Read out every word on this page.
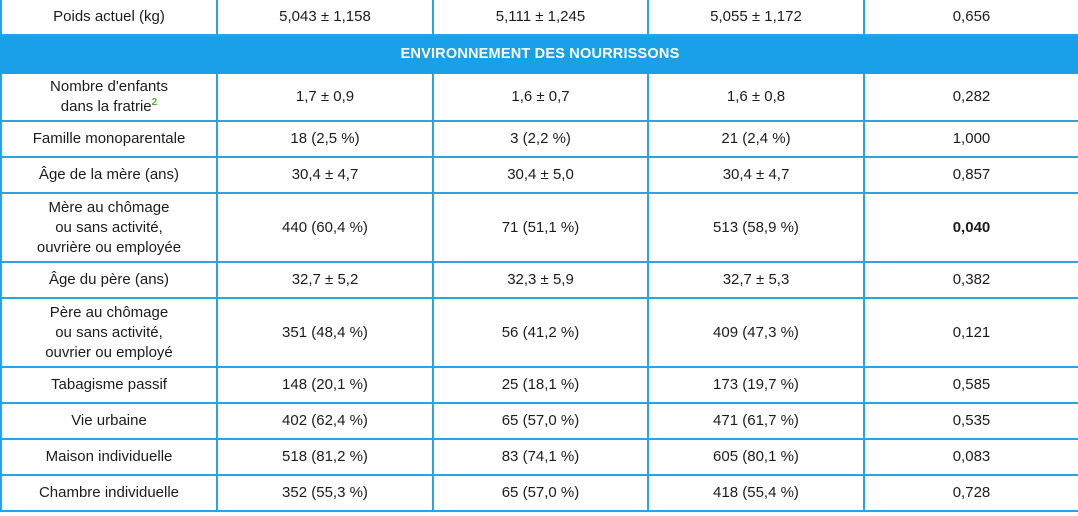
Poids actuel (kg)	5,043 ± 1,158	5,111 ± 1,245	5,055 ± 1,172	0,656
ENVIRONNEMENT DES NOURRISSONS				
Nombre d'enfants
dans la fratrie$^2$	1,7 ± 0,9	1,6 ± 0,7	1,6 ± 0,8	0,282
Famille monoparentale	18 (2,5 %)	3 (2,2 %)	21 (2,4 %)	1,000
Âge de la mère (ans)	30,4 ± 4,7	30,4 ± 5,0	30,4 ± 4,7	0,857
Mère au chômage
ou sans activité,
ouvrière ou employée	440 (60,4 %)	71 (51,1 %)	513 (58,9 %)	0,040
Âge du père (ans)	32,7 ± 5,2	32,3 ± 5,9	32,7 ± 5,3	0,382
Père au chômage
ou sans activité,
ouvrier ou employé	351 (48,4 %)	56 (41,2 %)	409 (47,3 %)	0,121
Tabagisme passif	148 (20,1 %)	25 (18,1 %)	173 (19,7 %)	0,585
Vie urbaine	402 (62,4 %)	65 (57,0 %)	471 (61,7 %)	0,535
Maison individuelle	518 (81,2 %)	83 (74,1 %)	605 (80,1 %)	0,083
Chambre individuelle	352 (55,3 %)	65 (57,0 %)	418 (55,4 %)	0,728
